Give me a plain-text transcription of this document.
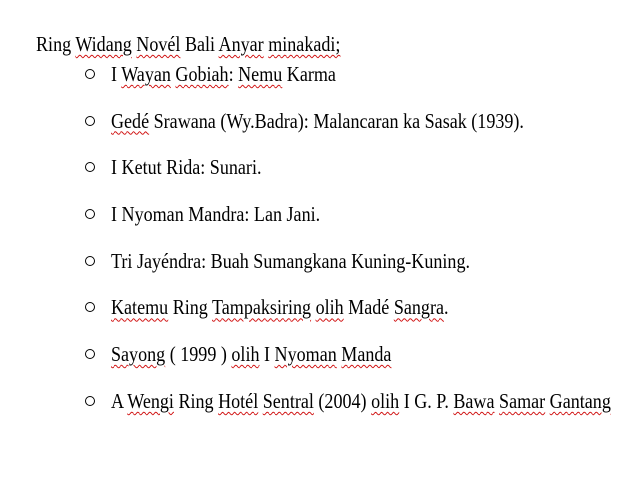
Ring Widang Novél Bali Anyar minakadi;
I Wayan Gobiah: Nemu Karma
Gedé Srawana (Wy.Badra): Malancaran ka Sasak (1939).
I Ketut Rida: Sunari.
I Nyoman Mandra: Lan Jani.
Tri Jayéndra: Buah Sumangkana Kuning-Kuning.
Katemu Ring Tampaksiring olih Madé Sangra.
Sayong ( 1999 ) olih I Nyoman Manda
A Wengi Ring Hotél Sentral (2004) olih I G. P. Bawa Samar Gantang
